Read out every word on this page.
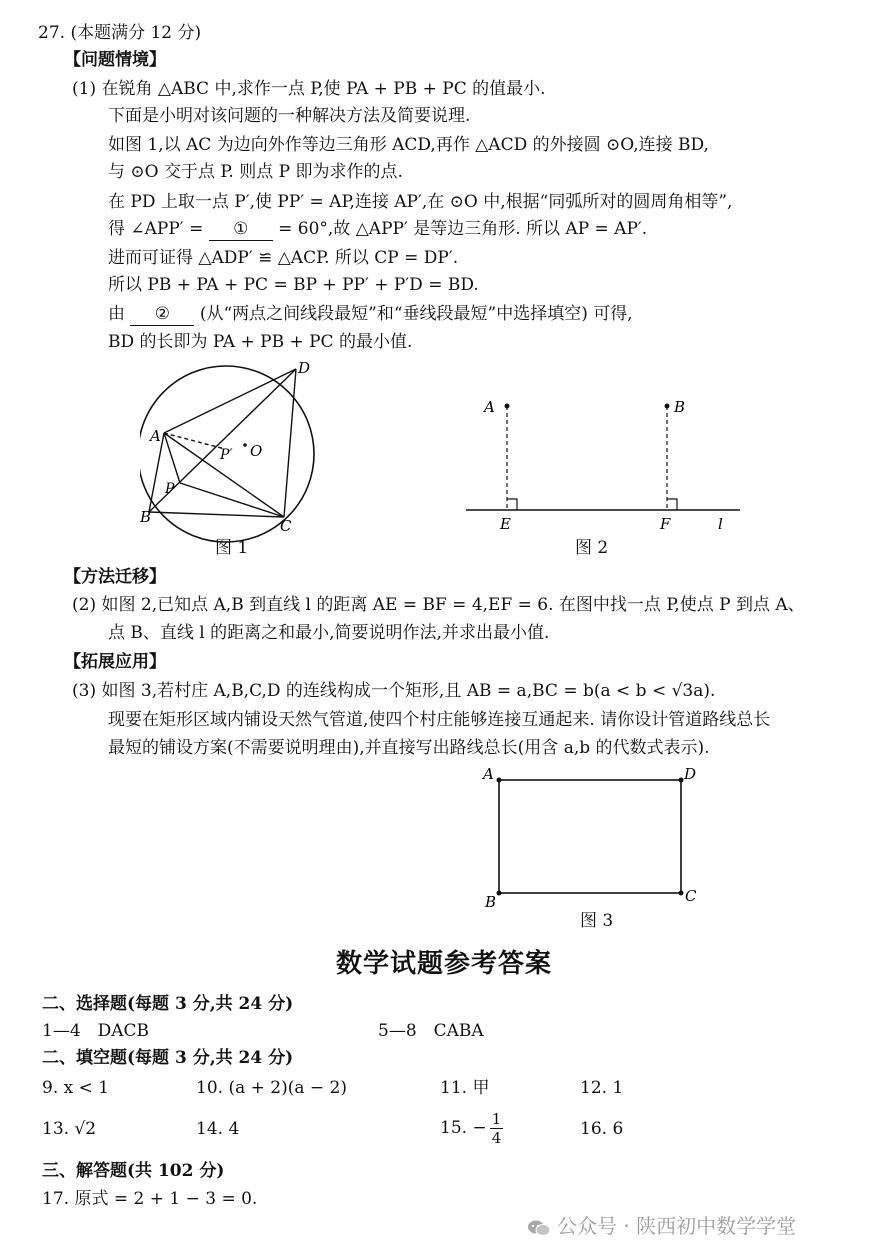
27. (本题满分 12 分)
【问题情境】
(1) 在锐角 △ABC 中,求作一点 P,使 PA + PB + PC 的值最小.
下面是小明对该问题的一种解决方法及简要说理.
如图 1,以 AC 为边向外作等边三角形 ACD,再作 △ACD 的外接圆 ⊙O,连接 BD,
与 ⊙O 交于点 P. 则点 P 即为求作的点.
在 PD 上取一点 P′,使 PP′ = AP,连接 AP′,在 ⊙O 中,根据“同弧所对的圆周角相等”,
得 ∠APP′ = ① = 60°,故 △APP′ 是等边三角形. 所以 AP = AP′.
进而可证得 △ADP′ ≌ △ACP. 所以 CP = DP′.
所以 PB + PA + PC = BP + PP′ + P′D = BD.
由 ② (从“两点之间线段最短”和“垂线段最短”中选择填空) 可得,
BD 的长即为 PA + PB + PC 的最小值.
A
B	C
D
P
P′ O
图 1
A	B
E	F	l
图 2
【方法迁移】
(2) 如图 2,已知点 A,B 到直线 l 的距离 AE = BF = 4,EF = 6. 在图中找一点 P,使点 P 到点 A、
点 B、直线 l 的距离之和最小,简要说明作法,并求出最小值.
【拓展应用】
(3) 如图 3,若村庄 A,B,C,D 的连线构成一个矩形,且 AB = a,BC = b(a < b < √3a).
现要在矩形区域内铺设天然气管道,使四个村庄能够连接互通起来. 请你设计管道路线总长
最短的铺设方案(不需要说明理由),并直接写出路线总长(用含 a,b 的代数式表示).
A	D
B	C
图 3
数学试题参考答案
二、选择题(每题 3 分,共 24 分)
1—4　DACB	5—8　CABA
二、填空题(每题 3 分,共 24 分)
9. x < 1	10. (a + 2)(a − 2)	11. 甲	12. 1
13. √2	14. 4	15. − $\frac{1}{4}$	16. 6
三、解答题(共 102 分)
17. 原式 = 2 + 1 − 3 = 0.
公众号 · 陕西初中数学学堂
